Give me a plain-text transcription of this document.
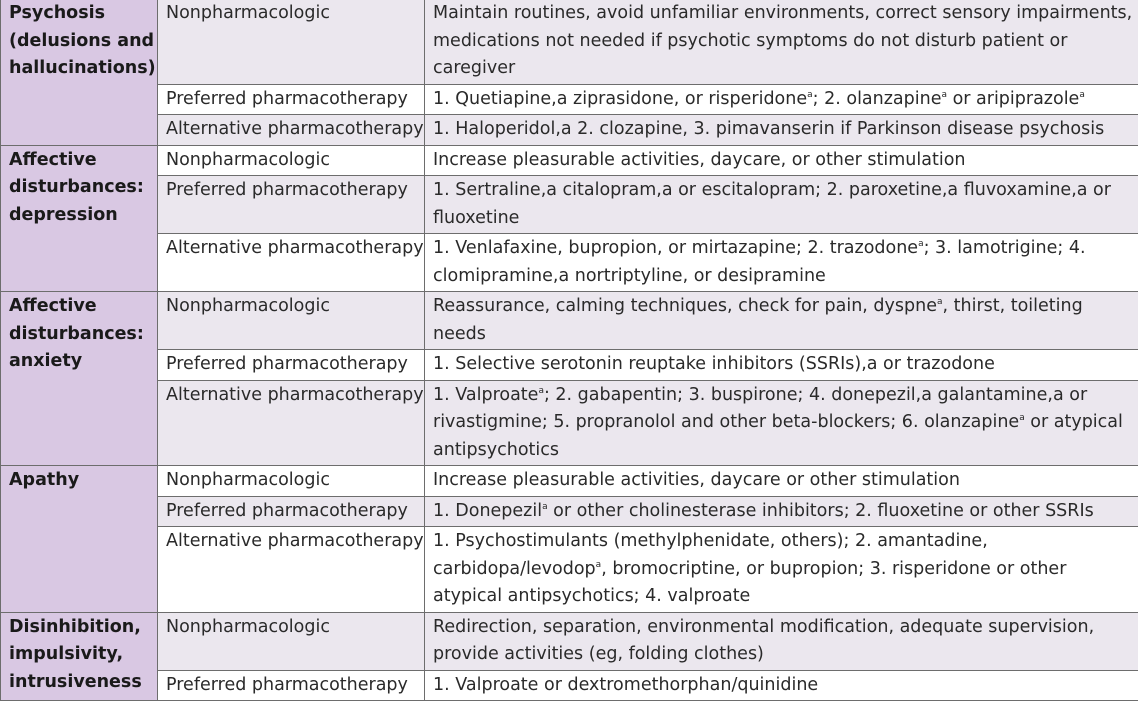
Psychosis (delusions and hallucinations)	Nonpharmacologic	Maintain routines, avoid unfamiliar environments, correct sensory impairments, medications not needed if psychotic symptoms do not disturb patient or caregiver
	Preferred pharmacotherapy	1. Quetiapine,a ziprasidone, or risperidone$^a$; 2. olanzapine$^a$ or aripiprazole$^a$
	Alternative pharmacotherapy	1. Haloperidol,a 2. clozapine, 3. pimavanserin if Parkinson disease psychosis
Affective disturbances: depression	Nonpharmacologic	Increase pleasurable activities, daycare, or other stimulation
	Preferred pharmacotherapy	1. Sertraline,a citalopram,a or escitalopram; 2. paroxetine,a fluvoxamine,a or fluoxetine
	Alternative pharmacotherapy	1. Venlafaxine, bupropion, or mirtazapine; 2. trazodone$^a$; 3. lamotrigine; 4. clomipramine,a nortriptyline, or desipramine
Affective disturbances: anxiety	Nonpharmacologic	Reassurance, calming techniques, check for pain, dyspne$^a$, thirst, toileting needs
	Preferred pharmacotherapy	1. Selective serotonin reuptake inhibitors (SSRIs),a or trazodone
	Alternative pharmacotherapy	1. Valproate$^a$; 2. gabapentin; 3. buspirone; 4. donepezil,a galantamine,a or rivastigmine; 5. propranolol and other beta-blockers; 6. olanzapine$^a$ or atypical antipsychotics
Apathy	Nonpharmacologic	Increase pleasurable activities, daycare or other stimulation
	Preferred pharmacotherapy	1. Donepezil$^a$ or other cholinesterase inhibitors; 2. fluoxetine or other SSRIs
	Alternative pharmacotherapy	1. Psychostimulants (methylphenidate, others); 2. amantadine, carbidopa/levodop$^a$, bromocriptine, or bupropion; 3. risperidone or other atypical antipsychotics; 4. valproate
Disinhibition, impulsivity, intrusiveness	Nonpharmacologic	Redirection, separation, environmental modification, adequate supervision, provide activities (eg, folding clothes)
	Preferred pharmacotherapy	1. Valproate or dextromethorphan/quinidine
